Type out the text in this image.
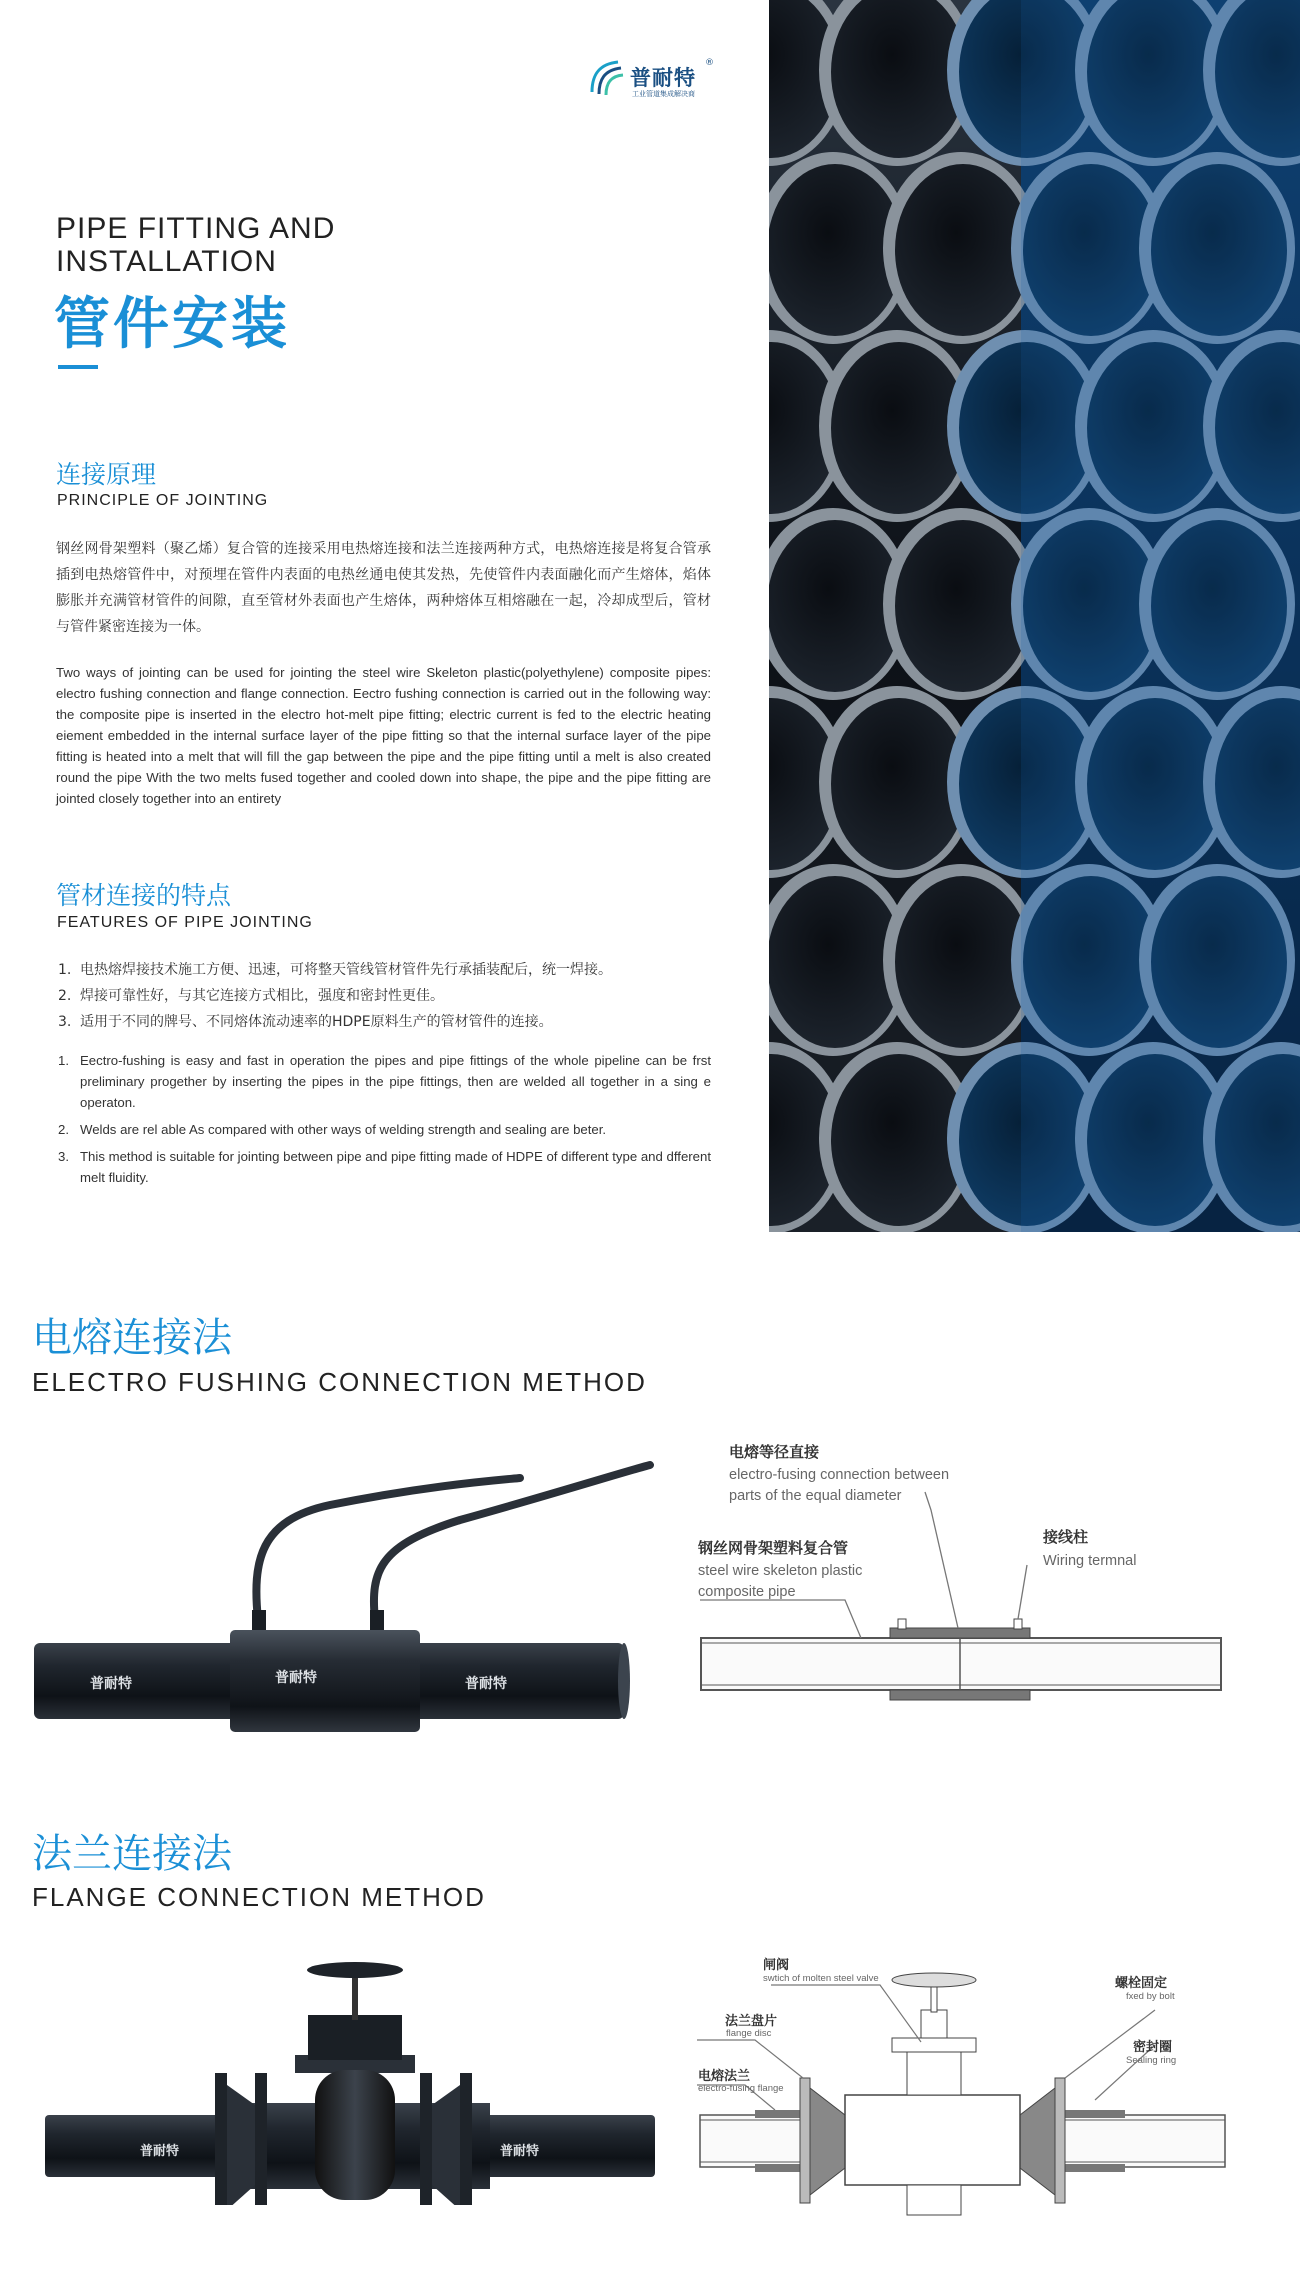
普耐特
®
工业管道集成解决商
PIPE FITTING AND
INSTALLATION
管件安装
连接原理
PRINCIPLE OF JOINTING
钢丝网骨架塑料（聚乙烯）复合管的连接采用电热熔连接和法兰连接两种方式，电热熔连接是将复合管承插到电热熔管件中，对预埋在管件内表面的电热丝通电使其发热，先使管件内表面融化而产生熔体，焰体膨胀并充满管材管件的间隙，直至管材外表面也产生熔体，两种熔体互相熔融在一起，冷却成型后，管材与管件紧密连接为一体。
Two ways of jointing can be used for jointing the steel wire Skeleton plastic(polyethylene) composite pipes: electro fushing connection and flange connection. Eectro fushing connection is carried out in the following way: the composite pipe is inserted in the electro hot-melt pipe fitting; electric current is fed to the electric heating eiement embedded in the internal surface layer of the pipe fitting so that the internal surface layer of the pipe fitting is heated into a melt that will fill the gap between the pipe and the pipe fitting until a melt is also created round the pipe With the two melts fused together and cooled down into shape, the pipe and the pipe fitting are jointed closely together into an entirety
管材连接的特点
FEATURES OF PIPE JOINTING
1. 电热熔焊接技术施工方便、迅速，可将整天管线管材管件先行承插装配后，统一焊接。
2. 焊接可靠性好，与其它连接方式相比，强度和密封性更佳。
3. 适用于不同的牌号、不同熔体流动速率的HDPE原料生产的管材管件的连接。
1. Eectro-fushing is easy and fast in operation the pipes and pipe fittings of the whole pipeline can be frst preliminary progether by inserting the pipes in the pipe fittings, then are welded all together in a sing e operaton.
2. Welds are rel able As compared with other ways of welding strength and sealing are beter.
3. This method is suitable for jointing between pipe and pipe fitting made of HDPE of different type and dfferent melt fluidity.
电熔连接法
ELECTRO FUSHING CONNECTION METHOD
普耐特	普耐特	普耐特
电熔等径直接
electro-fusing connection between
parts of the equal diameter
钢丝网骨架塑料复合管
steel wire skeleton plastic
composite pipe
接线柱
Wiring termnal
法兰连接法
FLANGE CONNECTION METHOD
普耐特	普耐特
闸阀
swtich of molten steel valve
法兰盘片
flange disc
电熔法兰
electro-fusing flange
螺栓固定
fxed by bolt
密封圈
Sealing ring
